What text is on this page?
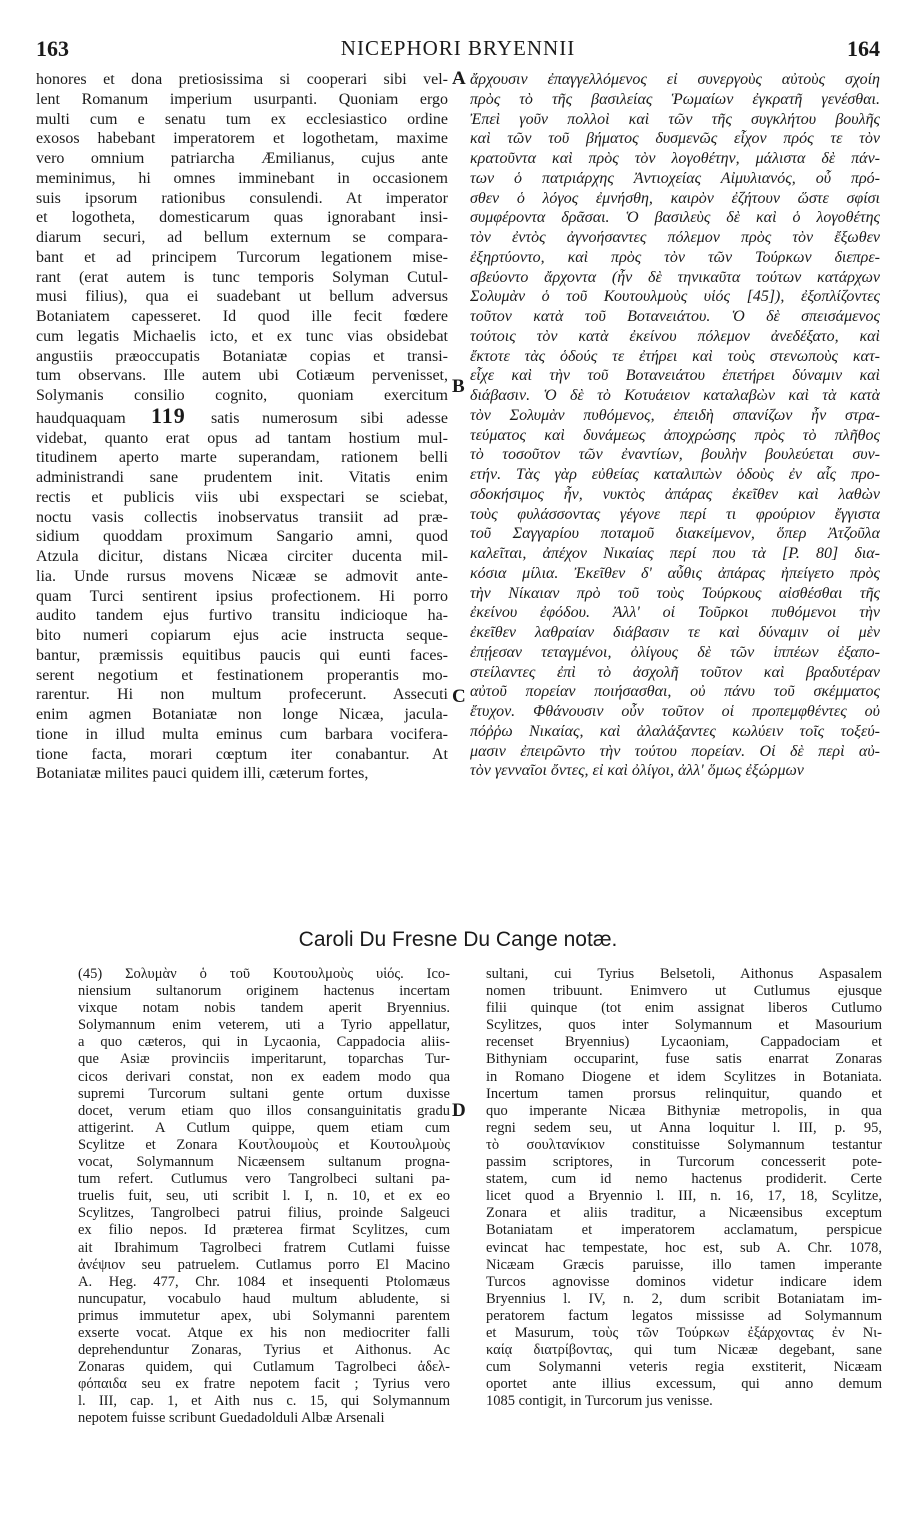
163	NICEPHORI BRYENNII	164
honores et dona pretiosissima si cooperari sibi vel-
lent Romanum imperium usurpanti. Quoniam ergo
multi cum e senatu tum ex ecclesiastico ordine
exosos habebant imperatorem et logothetam, maxime
vero omnium patriarcha Æmilianus, cujus ante
meminimus, hi omnes imminebant in occasionem
suis ipsorum rationibus consulendi. At imperator
et logotheta, domesticarum quas ignorabant insi-
diarum securi, ad bellum externum se compara-
bant et ad principem Turcorum legationem mise-
rant (erat autem is tunc temporis Solyman Cutul-
musi filius), qua ei suadebant ut bellum adversus
Botaniatem capesseret. Id quod ille fecit fœdere
cum legatis Michaelis icto, et ex tunc vias obsidebat
angustiis præoccupatis Botaniatæ copias et transi-
tum observans. Ille autem ubi Cotiæum pervenisset,
Solymanis consilio cognito, quoniam exercitum
haudquaquam 119 satis numerosum sibi adesse
videbat, quanto erat opus ad tantam hostium mul-
titudinem aperto marte superandam, rationem belli
administrandi sane prudentem init. Vitatis enim
rectis et publicis viis ubi exspectari se sciebat,
noctu vasis collectis inobservatus transiit ad præ-
sidium quoddam proximum Sangario amni, quod
Atzula dicitur, distans Nicæa circiter ducenta mil-
lia. Unde rursus movens Nicææ se admovit ante-
quam Turci sentirent ipsius profectionem. Hi porro
audito tandem ejus furtivo transitu indicioque ha-
bito numeri copiarum ejus acie instructa seque-
bantur, præmissis equitibus paucis qui eunti faces-
serent negotium et festinationem properantis mo-
rarentur. Hi non multum profecerunt. Assecuti
enim agmen Botaniatæ non longe Nicæa, jacula-
tione in illud multa eminus cum barbara vocifera-
tione facta, morari cœptum iter conabantur. At
Botaniatæ milites pauci quidem illi, cæterum fortes,
ἄρχουσιν ἐπαγγελλόμενος εἰ συνεργοὺς αὐτοὺς σχοίη
πρὸς τὸ τῆς βασιλείας Ῥωμαίων ἐγκρατῆ γενέσθαι.
Ἐπεὶ γοῦν πολλοὶ καὶ τῶν τῆς συγκλήτου βουλῆς
καὶ τῶν τοῦ βήματος δυσμενῶς εἶχον πρός τε τὸν
κρατοῦντα καὶ πρὸς τὸν λογοθέτην, μάλιστα δὲ πάν-
των ὁ πατριάρχης Ἀντιοχείας Αἰμυλιανός, οὗ πρό-
σθεν ὁ λόγος ἐμνήσθη, καιρὸν ἐζήτουν ὥστε σφίσι
συμφέροντα δρᾶσαι. Ὁ βασιλεὺς δὲ καὶ ὁ λογοθέτης
τὸν ἐντὸς ἀγνοήσαντες πόλεμον πρὸς τὸν ἔξωθεν
ἐξηρτύοντο, καὶ πρὸς τὸν τῶν Τούρκων διεπρε-
σβεύοντο ἄρχοντα (ἦν δὲ τηνικαῦτα τούτων κατάρχων
Σολυμὰν ὁ τοῦ Κουτουλμοὺς υἱός [45]), ἐξοπλίζοντες
τοῦτον κατὰ τοῦ Βοτανειάτου. Ὁ δὲ σπεισάμενος
τούτοις τὸν κατὰ ἐκείνου πόλεμον ἀνεδέξατο, καὶ
ἔκτοτε τὰς ὁδούς τε ἐτήρει καὶ τοὺς στενωποὺς κατ-
εἶχε καὶ τὴν τοῦ Βοτανειάτου ἐπετήρει δύναμιν καὶ
διάβασιν. Ὁ δὲ τὸ Κοτυάειον καταλαβὼν καὶ τὰ κατὰ
τὸν Σολυμὰν πυθόμενος, ἐπειδὴ σπανίζων ἦν στρα-
τεύματος καὶ δυνάμεως ἀποχρώσης πρὸς τὸ πλῆθος
τὸ τοσοῦτον τῶν ἐναντίων, βουλὴν βουλεύεται συν-
ετήν. Τὰς γὰρ εὐθείας καταλιπὼν ὁδοὺς ἐν αἷς προ-
σδοκήσιμος ἦν, νυκτὸς ἀπάρας ἐκεῖθεν καὶ λαθὼν
τοὺς φυλάσσοντας γέγονε περί τι φρούριον ἔγγιστα
τοῦ Σαγγαρίου ποταμοῦ διακείμενον, ὅπερ Ἀτζοῦλα
καλεῖται, ἀπέχον Νικαίας περί που τὰ [P. 80] δια-
κόσια μίλια. Ἐκεῖθεν δ' αὖθις ἀπάρας ἠπείγετο πρὸς
τὴν Νίκαιαν πρὸ τοῦ τοὺς Τούρκους αἰσθέσθαι τῆς
ἐκείνου ἐφόδου. Ἀλλ' οἱ Τοῦρκοι πυθόμενοι τὴν
ἐκεῖθεν λαθραίαν διάβασιν τε καὶ δύναμιν οἱ μὲν
ἐπῄεσαν τεταγμένοι, ὀλίγους δὲ τῶν ἱππέων ἐξαπο-
στείλαντες ἐπὶ τὸ ἀσχολῆ τοῦτον καὶ βραδυτέραν
αὐτοῦ πορείαν ποιήσασθαι, οὐ πάνυ τοῦ σκέμματος
ἔτυχον. Φθάνουσιν οὖν τοῦτον οἱ προπεμφθέντες οὐ
πόῤῥω Νικαίας, καὶ ἀλαλάξαντες κωλύειν τοῖς τοξεύ-
μασιν ἐπειρῶντο τὴν τούτου πορείαν. Οἱ δὲ περὶ αὐ-
τὸν γενναῖοι ὄντες, εἰ καὶ ὀλίγοι, ἀλλ' ὅμως ἐξώρμων
A
B
C
D
Caroli Du Fresne Du Cange notæ.
(45) Σολυμὰν ὁ τοῦ Κουτουλμοὺς υἱός. Ico-
niensium sultanorum originem hactenus incertam
vixque notam nobis tandem aperit Bryennius.
Solymannum enim veterem, uti a Tyrio appellatur,
a quo cæteros, qui in Lycaonia, Cappadocia aliis-
que Asiæ provinciis imperitarunt, toparchas Tur-
cicos derivari constat, non ex eadem modo qua
supremi Turcorum sultani gente ortum duxisse
docet, verum etiam quo illos consanguinitatis gradu
attigerint. A Cutlum quippe, quem etiam cum
Scylitze et Zonara Κουτλουμοὺς et Κουτουλμοὺς
vocat, Solymannum Nicæensem sultanum progna-
tum refert. Cutlumus vero Tangrolbeci sultani pa-
truelis fuit, seu, uti scribit l. I, n. 10, et ex eo
Scylitzes, Tangrolbeci patrui filius, proinde Salgeuci
ex filio nepos. Id præterea firmat Scylitzes, cum
ait Ibrahimum Tagrolbeci fratrem Cutlami fuisse
ἀνέψιον seu patruelem. Cutlamus porro El Macino
A. Heg. 477, Chr. 1084 et insequenti Ptolomæus
nuncupatur, vocabulo haud multum abludente, si
primus immutetur apex, ubi Solymanni parentem
exserte vocat. Atque ex his non mediocriter falli
deprehenduntur Zonaras, Tyrius et Aithonus. Ac
Zonaras quidem, qui Cutlamum Tagrolbeci ἀδελ-
φόπαιδα seu ex fratre nepotem facit ; Tyrius vero
l. III, cap. 1, et Aith nus c. 15, qui Solymannum
nepotem fuisse scribunt Guedadolduli Albæ Arsenali
sultani, cui Tyrius Belsetoli, Aithonus Aspasalem
nomen tribuunt. Enimvero ut Cutlumus ejusque
filii quinque (tot enim assignat liberos Cutlumo
Scylitzes, quos inter Solymannum et Masourium
recenset Bryennius) Lycaoniam, Cappadociam et
Bithyniam occuparint, fuse satis enarrat Zonaras
in Romano Diogene et idem Scylitzes in Botaniata.
Incertum tamen prorsus relinquitur, quando et
quo imperante Nicæa Bithyniæ metropolis, in qua
regni sedem seu, ut Anna loquitur l. III, p. 95,
τὸ σουλτανίκιον constituisse Solymannum testantur
passim scriptores, in Turcorum concesserit pote-
statem, cum id nemo hactenus prodiderit. Certe
licet quod a Bryennio l. III, n. 16, 17, 18, Scylitze,
Zonara et aliis traditur, a Nicæensibus exceptum
Botaniatam et imperatorem acclamatum, perspicue
evincat hac tempestate, hoc est, sub A. Chr. 1078,
Nicæam Græcis paruisse, illo tamen imperante
Turcos agnovisse dominos videtur indicare idem
Bryennius l. IV, n. 2, dum scribit Botaniatam im-
peratorem factum legatos mississe ad Solymannum
et Masurum, τοὺς τῶν Τούρκων ἐξάρχοντας ἐν Νι-
καίᾳ διατρίβοντας, qui tum Nicææ degebant, sane
cum Solymanni veteris regia exstiterit, Nicæam
oportet ante illius excessum, qui anno demum
1085 contigit, in Turcorum jus venisse.
